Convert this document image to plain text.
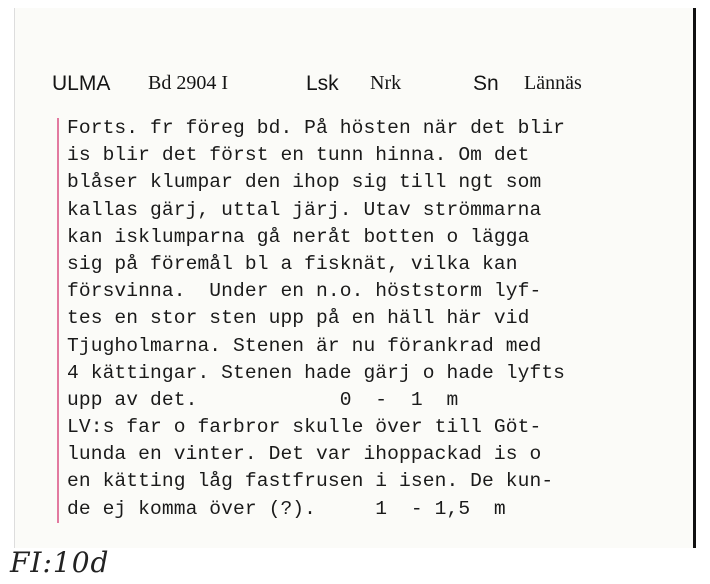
ULMA Bd 2904 I	Lsk Nrk	Sn Lännäs
Forts. fr föreg bd. På hösten när det blir
is blir det först en tunn hinna. Om det
blåser klumpar den ihop sig till ngt som
kallas gärj, uttal järj. Utav strömmarna
kan isklumparna gå neråt botten o lägga
sig på föremål bl a fisknät, vilka kan
försvinna.  Under en n.o. höststorm lyf-
tes en stor sten upp på en häll här vid
Tjugholmarna. Stenen är nu förankrad med
4 kättingar. Stenen hade gärj o hade lyfts
upp av det.            0  -  1  m
LV:s far o farbror skulle över till Göt-
lunda en vinter. Det var ihoppackad is o
en kätting låg fastfrusen i isen. De kun-
de ej komma över (?).     1  - 1,5  m
FI:10d
